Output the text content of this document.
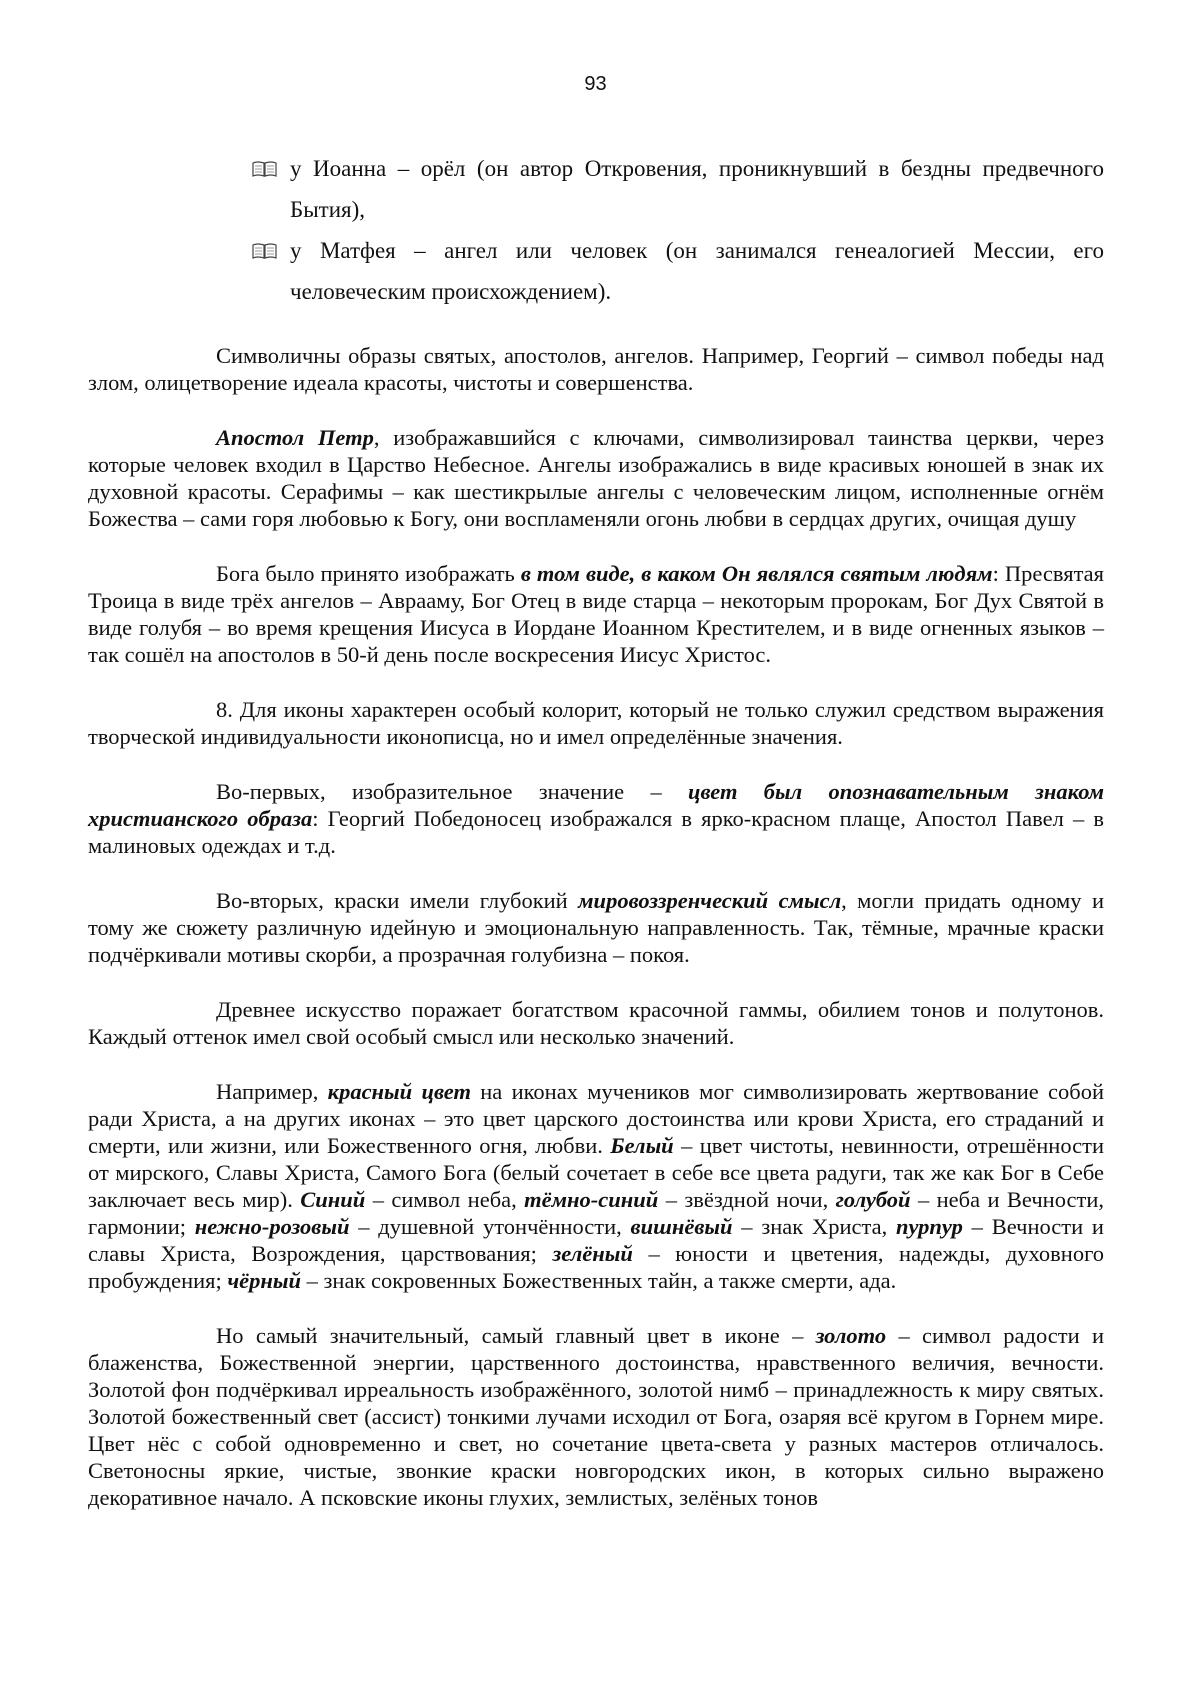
93
у Иоанна – орёл (он автор Откровения, проникнувший в бездны предвечного Бытия),
у Матфея – ангел или человек (он занимался генеалогией Мессии, его человеческим происхождением).

Символичны образы святых, апостолов, ангелов. Например, Георгий – символ победы над злом, олицетворение идеала красоты, чистоты и совершенства.

Апостол Петр, изображавшийся с ключами, символизировал таинства церкви, через которые человек входил в Царство Небесное. Ангелы изображались в виде красивых юношей в знак их духовной красоты. Серафимы – как шестикрылые ангелы с человеческим лицом, исполненные огнём Божества – сами горя любовью к Богу, они воспламеняли огонь любви в сердцах других, очищая душу

Бога было принято изображать в том виде, в каком Он являлся святым людям: Пресвятая Троица в виде трёх ангелов – Аврааму, Бог Отец в виде старца – некоторым пророкам, Бог Дух Святой в виде голубя – во время крещения Иисуса в Иордане Иоанном Крестителем, и в виде огненных языков – так сошёл на апостолов в 50-й день после воскресения Иисус Христос.

8. Для иконы характерен особый колорит, который не только служил средством выражения творческой индивидуальности иконописца, но и имел определённые значения.

Во-первых, изобразительное значение – цвет был опознавательным знаком христианского образа: Георгий Победоносец изображался в ярко-красном плаще, Апостол Павел – в малиновых одеждах и т.д.

Во-вторых, краски имели глубокий мировоззренческий смысл, могли придать одному и тому же сюжету различную идейную и эмоциональную направленность. Так, тёмные, мрачные краски подчёркивали мотивы скорби, а прозрачная голубизна – покоя.

Древнее искусство поражает богатством красочной гаммы, обилием тонов и полутонов. Каждый оттенок имел свой особый смысл или несколько значений.

Например, красный цвет на иконах мучеников мог символизировать жертвование собой ради Христа, а на других иконах – это цвет царского достоинства или крови Христа, его страданий и смерти, или жизни, или Божественного огня, любви. Белый – цвет чистоты, невинности, отрешённости от мирского, Славы Христа, Самого Бога (белый сочетает в себе все цвета радуги, так же как Бог в Себе заключает весь мир). Синий – символ неба, тёмно-синий – звёздной ночи, голубой – неба и Вечности, гармонии; нежно-розовый – душевной утончённости, вишнёвый – знак Христа, пурпур – Вечности и славы Христа, Возрождения, царствования; зелёный – юности и цветения, надежды, духовного пробуждения; чёрный – знак сокровенных Божественных тайн, а также смерти, ада.

Но самый значительный, самый главный цвет в иконе – золото – символ радости и блаженства, Божественной энергии, царственного достоинства, нравственного величия, вечности. Золотой фон подчёркивал ирреальность изображённого, золотой нимб – принадлежность к миру святых. Золотой божественный свет (ассист) тонкими лучами исходил от Бога, озаряя всё кругом в Горнем мире. Цвет нёс с собой одновременно и свет, но сочетание цвета-света у разных мастеров отличалось. Светоносны яркие, чистые, звонкие краски новгородских икон, в которых сильно выражено декоративное начало. А псковские иконы глухих, землистых, зелёных тонов
